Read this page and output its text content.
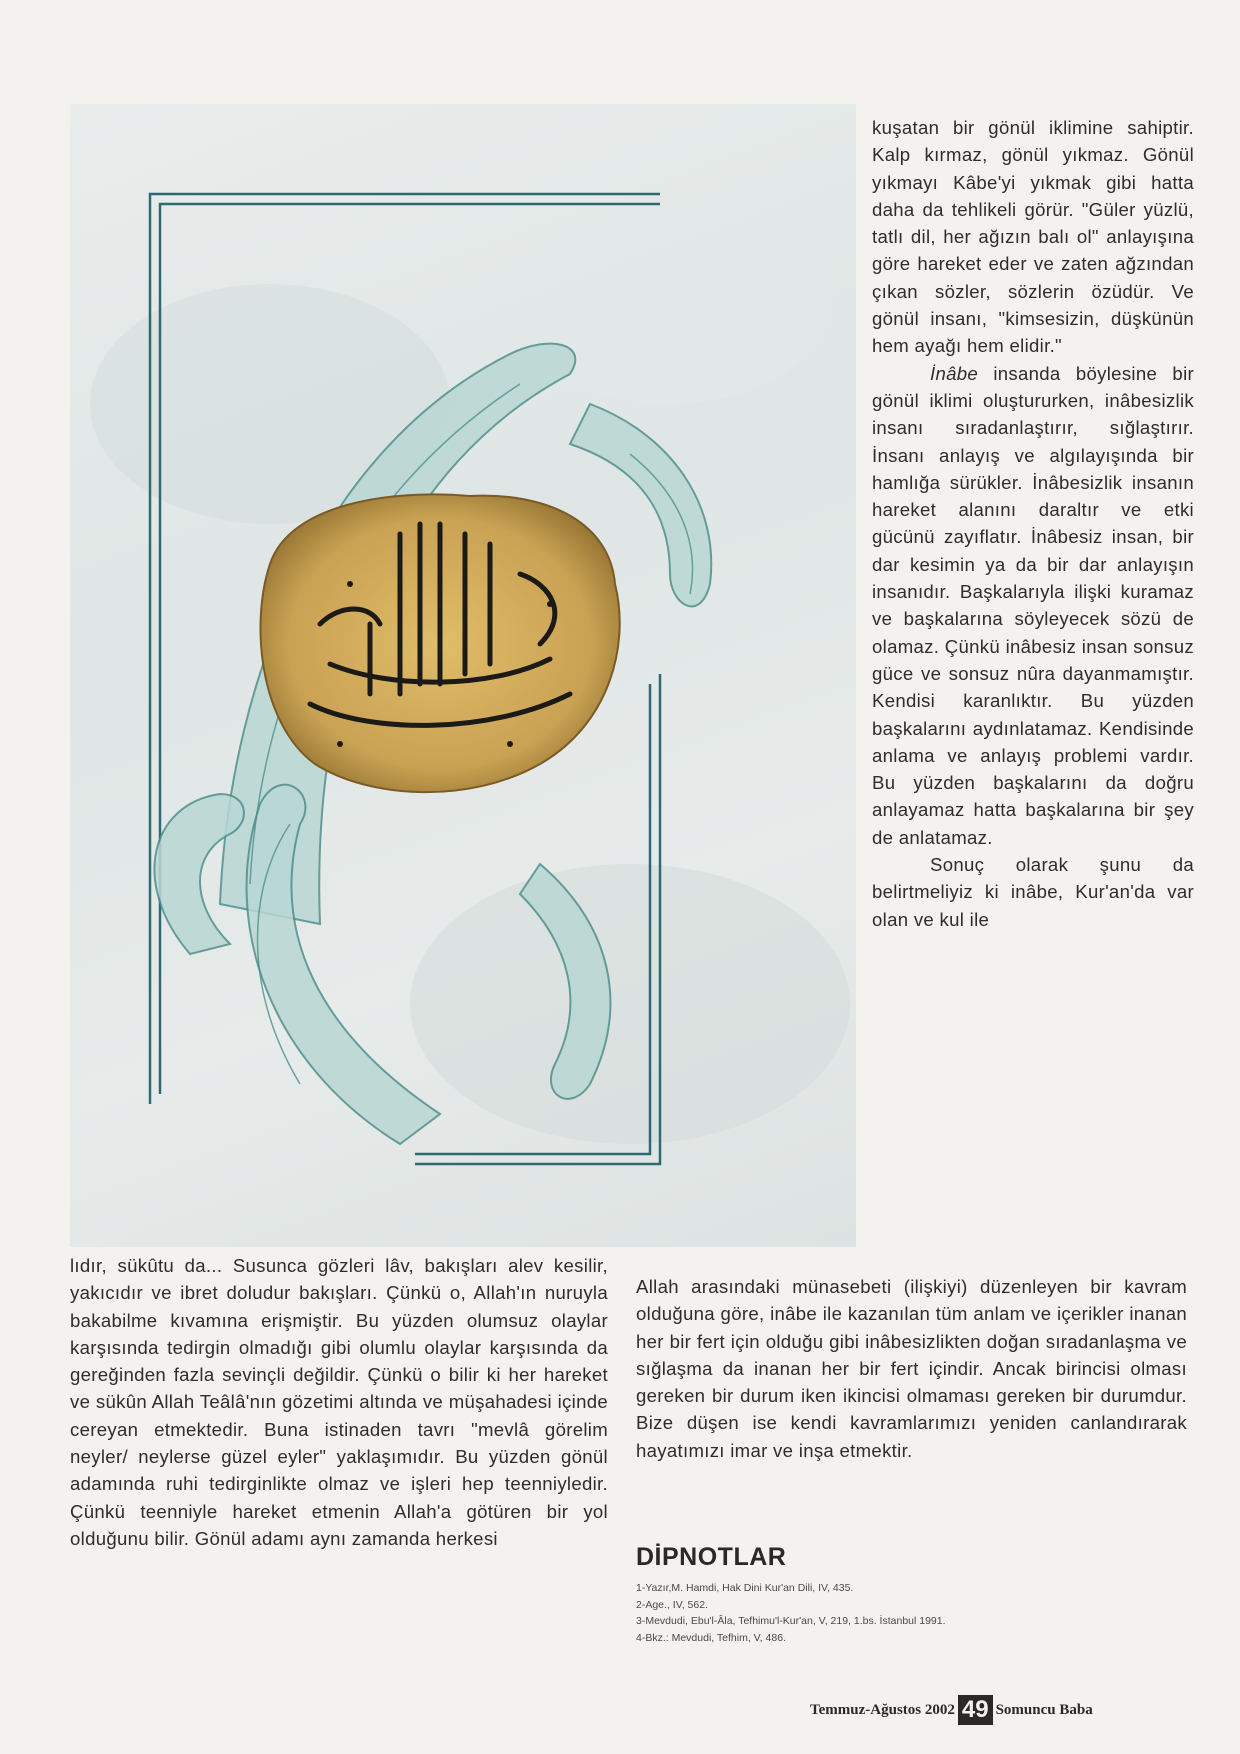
kuşatan bir gönül iklimine sahiptir. Kalp kırmaz, gönül yıkmaz. Gönül yıkmayı Kâbe'yi yıkmak gibi hatta daha da tehlikeli görür. "Güler yüzlü, tatlı dil, her ağızın balı ol" anlayışına göre hareket eder ve zaten ağzından çıkan sözler, sözlerin özüdür. Ve gönül insanı, "kimsesizin, düşkünün hem ayağı hem elidir."

İnâbe insanda böylesine bir gönül iklimi oluştururken, inâbesizlik insanı sıradanlaştırır, sığlaştırır. İnsanı anlayış ve algılayışında bir hamlığa sürükler. İnâbesizlik insanın hareket alanını daraltır ve etki gücünü zayıflatır. İnâbesiz insan, bir dar kesimin ya da bir dar anlayışın insanıdır. Başkalarıyla ilişki kuramaz ve başkalarına söyleyecek sözü de olamaz. Çünkü inâbesiz insan sonsuz güce ve sonsuz nûra dayanmamıştır. Kendisi karanlıktır. Bu yüzden başkalarını aydınlatamaz. Kendisinde anlama ve anlayış problemi vardır. Bu yüzden başkalarını da doğru anlayamaz hatta başkalarına bir şey de anlatamaz.

Sonuç olarak şunu da belirtmeliyiz ki inâbe, Kur'an'da var olan ve kul ile

lıdır, sükûtu da... Susunca gözleri lâv, bakışları alev kesilir, yakıcıdır ve ibret doludur bakışları. Çünkü o, Allah'ın nuruyla bakabilme kıvamına erişmiştir. Bu yüzden olumsuz olaylar karşısında tedirgin olmadığı gibi olumlu olaylar karşısında da gereğinden fazla sevinçli değildir. Çünkü o bilir ki her hareket ve sükûn Allah Teâlâ'nın gözetimi altında ve müşahadesi içinde cereyan etmektedir. Buna istinaden tavrı "mevlâ görelim neyler/ neylerse güzel eyler" yaklaşımıdır. Bu yüzden gönül adamında ruhi tedirginlikte olmaz ve işleri hep teenniyledir. Çünkü teenniyle hareket etmenin Allah'a götüren bir yol olduğunu bilir. Gönül adamı aynı zamanda herkesi

Allah arasındaki münasebeti (ilişkiyi) düzenleyen bir kavram olduğuna göre, inâbe ile kazanılan tüm anlam ve içerikler inanan her bir fert için olduğu gibi inâbesizlikten doğan sıradanlaşma ve sığlaşma da inanan her bir fert içindir. Ancak birincisi olması gereken bir durum iken ikincisi olmaması gereken bir durumdur. Bize düşen ise kendi kavramlarımızı yeniden canlandırarak hayatımızı imar ve inşa etmektir.

DİPNOTLAR
1-Yazır,M. Hamdi, Hak Dini Kur'an Dili, IV, 435.
2-Age., IV, 562.
3-Mevdudi, Ebu'l-Âla, Tefhimu'l-Kur'an, V, 219, 1.bs. İstanbul 1991.
4-Bkz.: Mevdudi, Tefhim, V, 486.
Temmuz-Ağustos 2002 49 Somuncu Baba
